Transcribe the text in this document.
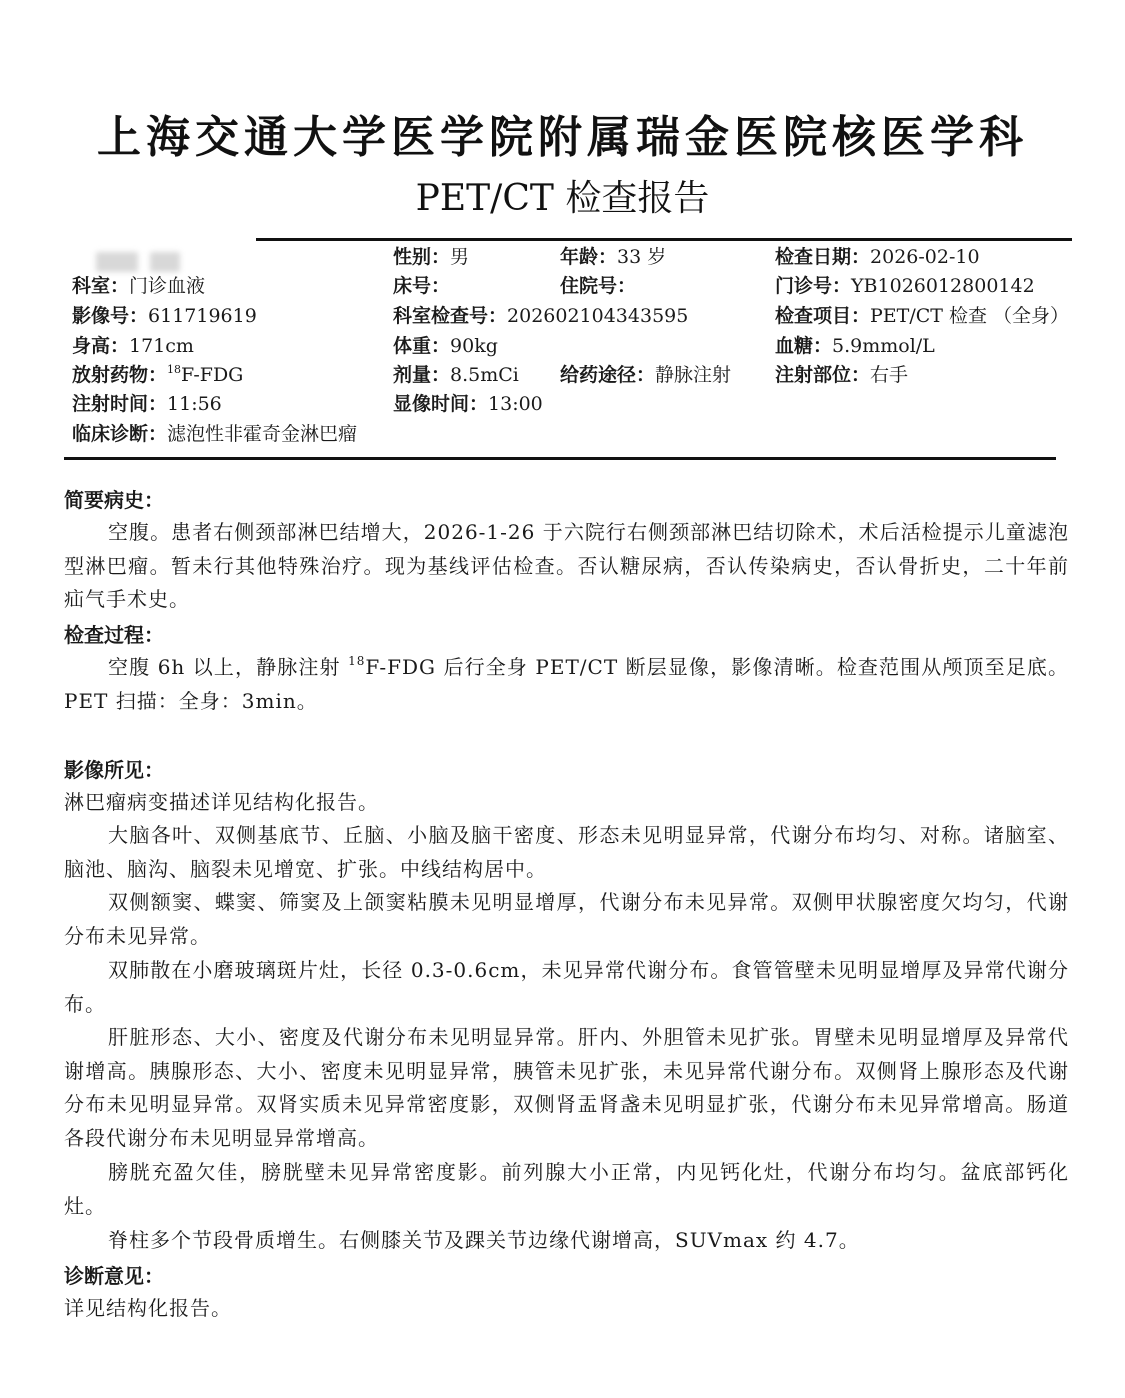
上海交通大学医学院附属瑞金医院核医学科
PET/CT 检查报告
性别：男	年龄：33 岁	检查日期：2026-02-10
科室：门诊血液	床号：	住院号：	门诊号：YB1026012800142
影像号：611719619	科室检查号：202602104343595	检查项目：PET/CT 检查 （全身）
身高：171cm	体重：90kg	血糖：5.9mmol/L
放射药物：$^{18}$F-FDG	剂量：8.5mCi 给药途径：静脉注射 注射部位：右手
注射时间：11:56	显像时间：13:00
临床诊断：滤泡性非霍奇金淋巴瘤
简要病史：
空腹。患者右侧颈部淋巴结增大，2026-1-26 于六院行右侧颈部淋巴结切除术，术后活检提示儿童滤泡型淋巴瘤。暂未行其他特殊治疗。现为基线评估检查。否认糖尿病，否认传染病史，否认骨折史，二十年前疝气手术史。
检查过程：
空腹 6h 以上，静脉注射 $^{18}$F-FDG 后行全身 PET/CT 断层显像，影像清晰。检查范围从颅顶至足底。PET 扫描：全身：3min。
影像所见：
淋巴瘤病变描述详见结构化报告。
大脑各叶、双侧基底节、丘脑、小脑及脑干密度、形态未见明显异常，代谢分布均匀、对称。诸脑室、脑池、脑沟、脑裂未见增宽、扩张。中线结构居中。
双侧额窦、蝶窦、筛窦及上颌窦粘膜未见明显增厚，代谢分布未见异常。双侧甲状腺密度欠均匀，代谢分布未见异常。
双肺散在小磨玻璃斑片灶，长径 0.3-0.6cm，未见异常代谢分布。食管管壁未见明显增厚及异常代谢分布。
肝脏形态、大小、密度及代谢分布未见明显异常。肝内、外胆管未见扩张。胃壁未见明显增厚及异常代谢增高。胰腺形态、大小、密度未见明显异常，胰管未见扩张，未见异常代谢分布。双侧肾上腺形态及代谢分布未见明显异常。双肾实质未见异常密度影，双侧肾盂肾盏未见明显扩张，代谢分布未见异常增高。肠道各段代谢分布未见明显异常增高。
膀胱充盈欠佳，膀胱壁未见异常密度影。前列腺大小正常，内见钙化灶，代谢分布均匀。盆底部钙化灶。
脊柱多个节段骨质增生。右侧膝关节及踝关节边缘代谢增高，SUVmax 约 4.7。
诊断意见：
详见结构化报告。
